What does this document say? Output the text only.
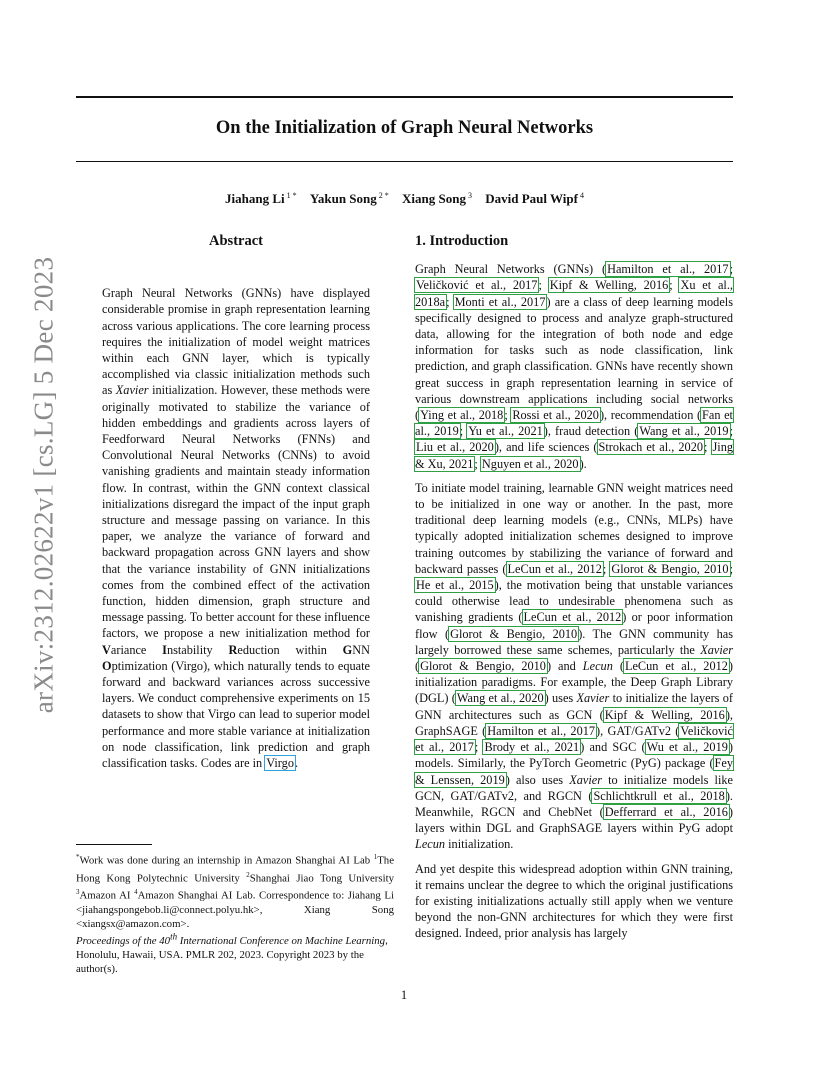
On the Initialization of Graph Neural Networks
Jiahang Li $^{1 *}$ Yakun Song $^{2 *}$ Xiang Song $^3$ David Paul Wipf $^4$
arXiv:2312.02622v1 [cs.LG] 5 Dec 2023
Abstract

Graph Neural Networks (GNNs) have displayed considerable promise in graph representation learning across various applications. The core learning process requires the initialization of model weight matrices within each GNN layer, which is typically accomplished via classic initialization methods such as Xavier initialization. However, these methods were originally motivated to stabilize the variance of hidden embeddings and gradients across layers of Feedforward Neural Networks (FNNs) and Convolutional Neural Networks (CNNs) to avoid vanishing gradients and maintain steady information flow. In contrast, within the GNN context classical initializations disregard the impact of the input graph structure and message passing on variance. In this paper, we analyze the variance of forward and backward propagation across GNN layers and show that the variance instability of GNN initializations comes from the combined effect of the activation function, hidden dimension, graph structure and message passing. To better account for these influence factors, we propose a new initialization method for Variance Instability Reduction within GNN Optimization (Virgo), which naturally tends to equate forward and backward variances across successive layers. We conduct comprehensive experiments on 15 datasets to show that Virgo can lead to superior model performance and more stable variance at initialization on node classification, link prediction and graph classification tasks. Codes are in Virgo.

1. Introduction

Graph Neural Networks (GNNs) (Hamilton et al., 2017; Veličković et al., 2017; Kipf & Welling, 2016; Xu et al., 2018a; Monti et al., 2017) are a class of deep learning models specifically designed to process and analyze graph-structured data, allowing for the integration of both node and edge information for tasks such as node classification, link prediction, and graph classification. GNNs have recently shown great success in graph representation learning in service of various downstream applications including social networks (Ying et al., 2018; Rossi et al., 2020), recommendation (Fan et al., 2019; Yu et al., 2021), fraud detection (Wang et al., 2019; Liu et al., 2020), and life sciences (Strokach et al., 2020; Jing & Xu, 2021; Nguyen et al., 2020).

To initiate model training, learnable GNN weight matrices need to be initialized in one way or another. In the past, more traditional deep learning models (e.g., CNNs, MLPs) have typically adopted initialization schemes designed to improve training outcomes by stabilizing the variance of forward and backward passes (LeCun et al., 2012; Glorot & Bengio, 2010; He et al., 2015), the motivation being that unstable variances could otherwise lead to undesirable phenomena such as vanishing gradients (LeCun et al., 2012) or poor information flow (Glorot & Bengio, 2010). The GNN community has largely borrowed these same schemes, particularly the Xavier (Glorot & Bengio, 2010) and Lecun (LeCun et al., 2012) initialization paradigms. For example, the Deep Graph Library (DGL) (Wang et al., 2020) uses Xavier to initialize the layers of GNN architectures such as GCN (Kipf & Welling, 2016), GraphSAGE (Hamilton et al., 2017), GAT/GATv2 (Veličković et al., 2017; Brody et al., 2021) and SGC (Wu et al., 2019) models. Similarly, the PyTorch Geometric (PyG) package (Fey & Lenssen, 2019) also uses Xavier to initialize models like GCN, GAT/GATv2, and RGCN (Schlichtkrull et al., 2018). Meanwhile, RGCN and ChebNet (Defferrard et al., 2016) layers within DGL and GraphSAGE layers within PyG adopt Lecun initialization.

And yet despite this widespread adoption within GNN training, it remains unclear the degree to which the original justifications for existing initializations actually still apply when we venture beyond the non-GNN architectures for which they were first designed. Indeed, prior analysis has largely

*Work was done during an internship in Amazon Shanghai AI Lab $^1$The Hong Kong Polytechnic University $^2$Shanghai Jiao Tong University $^3$Amazon AI $^4$Amazon Shanghai AI Lab. Correspondence to: Jiahang Li <jiahangspongebob.li@connect.polyu.hk>, Xiang Song <xiangsx@amazon.com>.

Proceedings of the 40th International Conference on Machine Learning, Honolulu, Hawaii, USA. PMLR 202, 2023. Copyright 2023 by the author(s).

1
